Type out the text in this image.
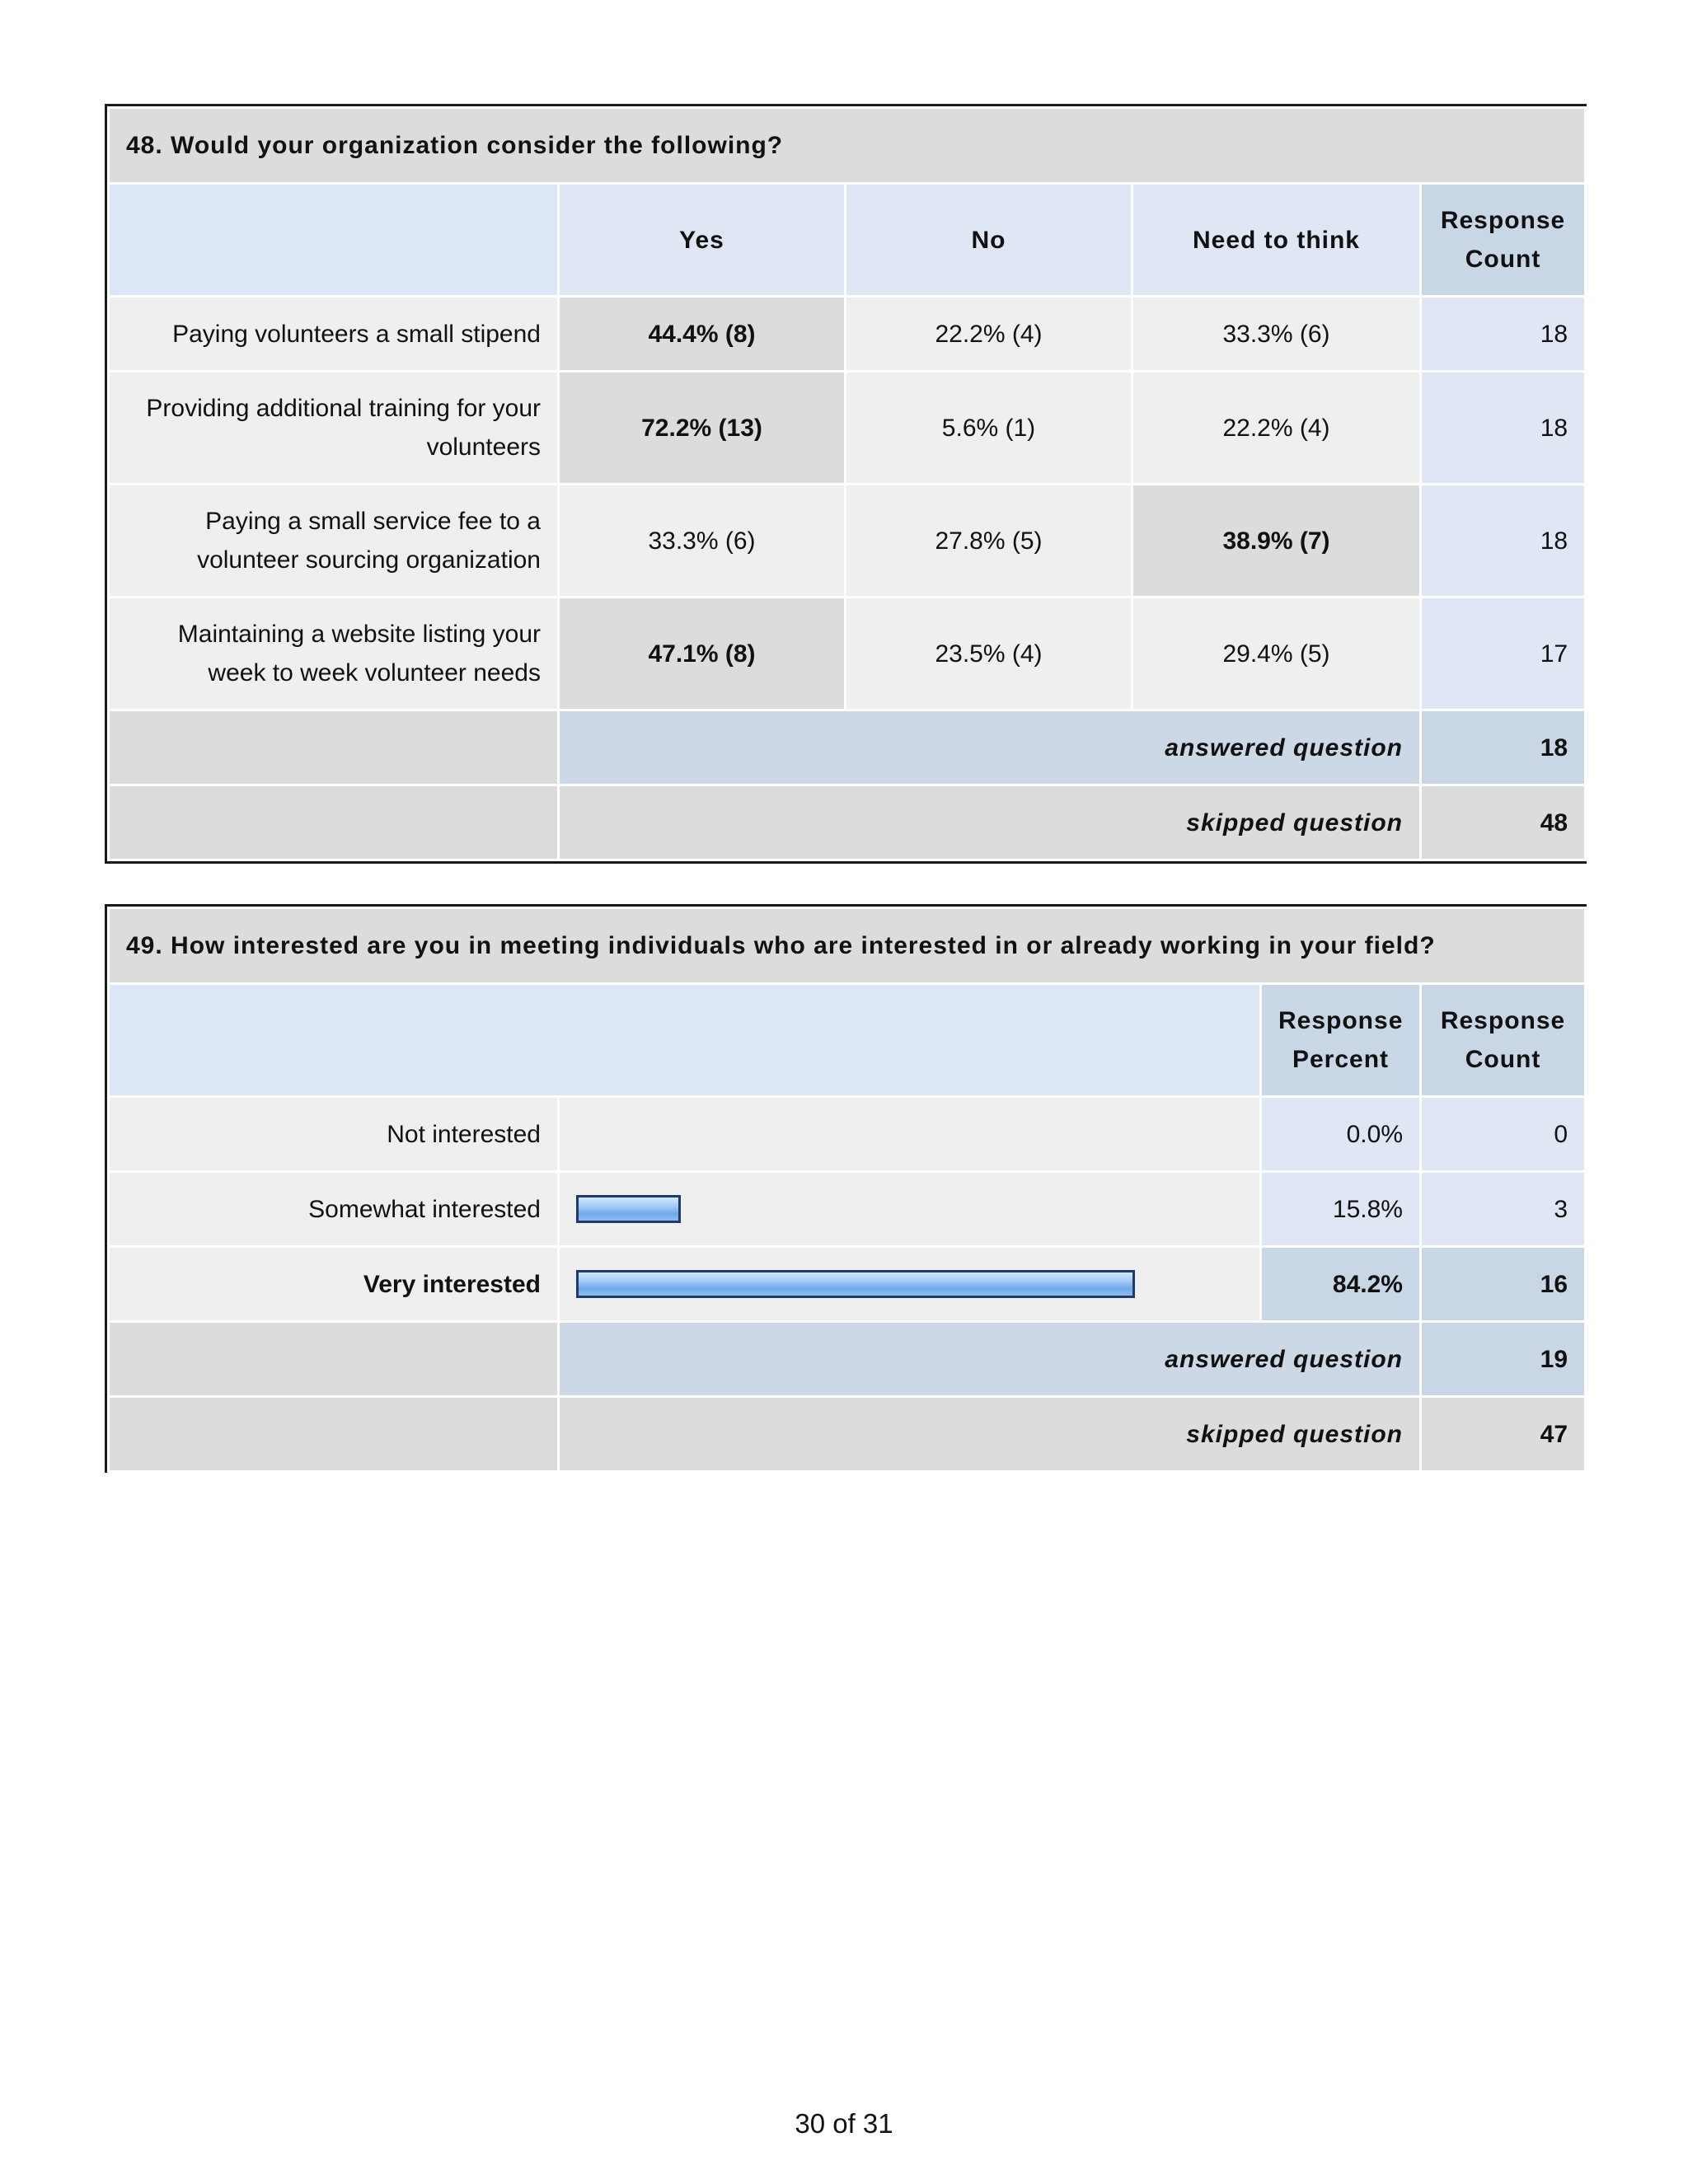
48. Would your organization consider the following?				
	Yes	No	Need to think	Response Count
Paying volunteers a small stipend	44.4% (8)	22.2% (4)	33.3% (6)	18
Providing additional training for your volunteers	72.2% (13)	5.6% (1)	22.2% (4)	18
Paying a small service fee to a volunteer sourcing organization	33.3% (6)	27.8% (5)	38.9% (7)	18
Maintaining a website listing your week to week volunteer needs	47.1% (8)	23.5% (4)	29.4% (5)	17
	answered question			18
	skipped question			48
49. How interested are you in meeting individuals who are interested in or already working in your field?			
		Response Percent	Response Count
Not interested		0.0%	0
Somewhat interested		15.8%	3
Very interested		84.2%	16
	answered question		19
	skipped question		47
30 of 31
